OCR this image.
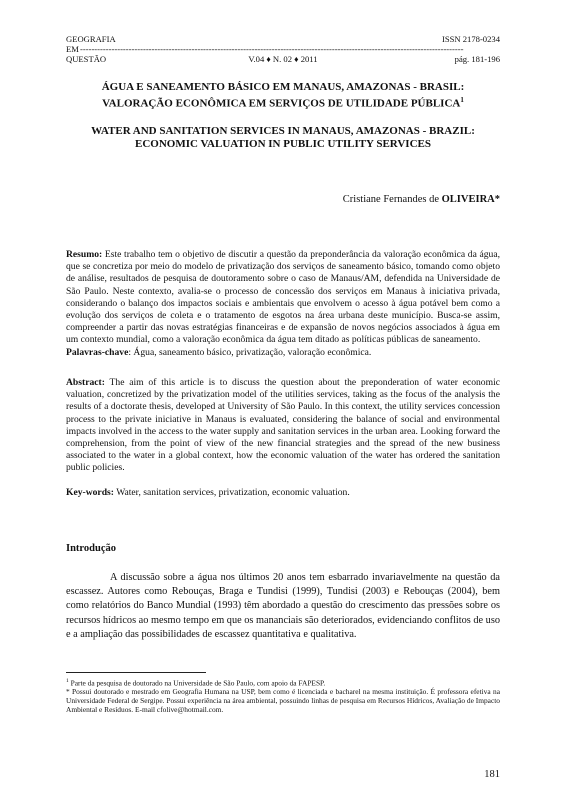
GEOGRAFIA	ISSN 2178-0234
EM --------------------------------------------------------------------------------------------------------------------------------------
QUESTÃO	V.04 ♦ N. 02 ♦ 2011	pág. 181-196
ÁGUA E SANEAMENTO BÁSICO EM MANAUS, AMAZONAS - BRASIL:
VALORAÇÃO ECONÔMICA EM SERVIÇOS DE UTILIDADE PÚBLICA$^1$
WATER AND SANITATION SERVICES IN MANAUS, AMAZONAS - BRAZIL:
ECONOMIC VALUATION IN PUBLIC UTILITY SERVICES
Cristiane Fernandes de OLIVEIRA*
Resumo: Este trabalho tem o objetivo de discutir a questão da preponderância da valoração econômica da água, que se concretiza por meio do modelo de privatização dos serviços de saneamento básico, tomando como objeto de análise, resultados de pesquisa de doutoramento sobre o caso de Manaus/AM, defendida na Universidade de São Paulo. Neste contexto, avalia-se o processo de concessão dos serviços em Manaus à iniciativa privada, considerando o balanço dos impactos sociais e ambientais que envolvem o acesso à água potável bem como a evolução dos serviços de coleta e o tratamento de esgotos na área urbana deste município. Busca-se assim, compreender a partir das novas estratégias financeiras e de expansão de novos negócios associados à água em um contexto mundial, como a valoração econômica da água tem ditado as políticas públicas de saneamento.
Palavras-chave: Água, saneamento básico, privatização, valoração econômica.
Abstract: The aim of this article is to discuss the question about the preponderation of water economic valuation, concretized by the privatization model of the utilities services, taking as the focus of the analysis the results of a doctorate thesis, developed at University of São Paulo. In this context, the utility services concession process to the private iniciative in Manaus is evaluated, considering the balance of social and environmental impacts involved in the access to the water supply and sanitation services in the urban area. Looking forward the comprehension, from the point of view of the new financial strategies and the spread of the new business associated to the water in a global context, how the economic valuation of the water has ordered the sanitation public policies.
Key-words: Water, sanitation services, privatization, economic valuation.
Introdução
A discussão sobre a água nos últimos 20 anos tem esbarrado invariavelmente na questão da escassez. Autores como Rebouças, Braga e Tundisi (1999), Tundisi (2003) e Rebouças (2004), bem como relatórios do Banco Mundial (1993) têm abordado a questão do crescimento das pressões sobre os recursos hídricos ao mesmo tempo em que os mananciais são deteriorados, evidenciando conflitos de uso e a ampliação das possibilidades de escassez quantitativa e qualitativa.
$^1$ Parte da pesquisa de doutorado na Universidade de São Paulo, com apoio da FAPESP.
* Possui doutorado e mestrado em Geografia Humana na USP, bem como é licenciada e bacharel na mesma instituição. É professora efetiva na Universidade Federal de Sergipe. Possui experiência na área ambiental, possuindo linhas de pesquisa em Recursos Hídricos, Avaliação de Impacto Ambiental e Resíduos. E-mail cfolive@hotmail.com.
181
